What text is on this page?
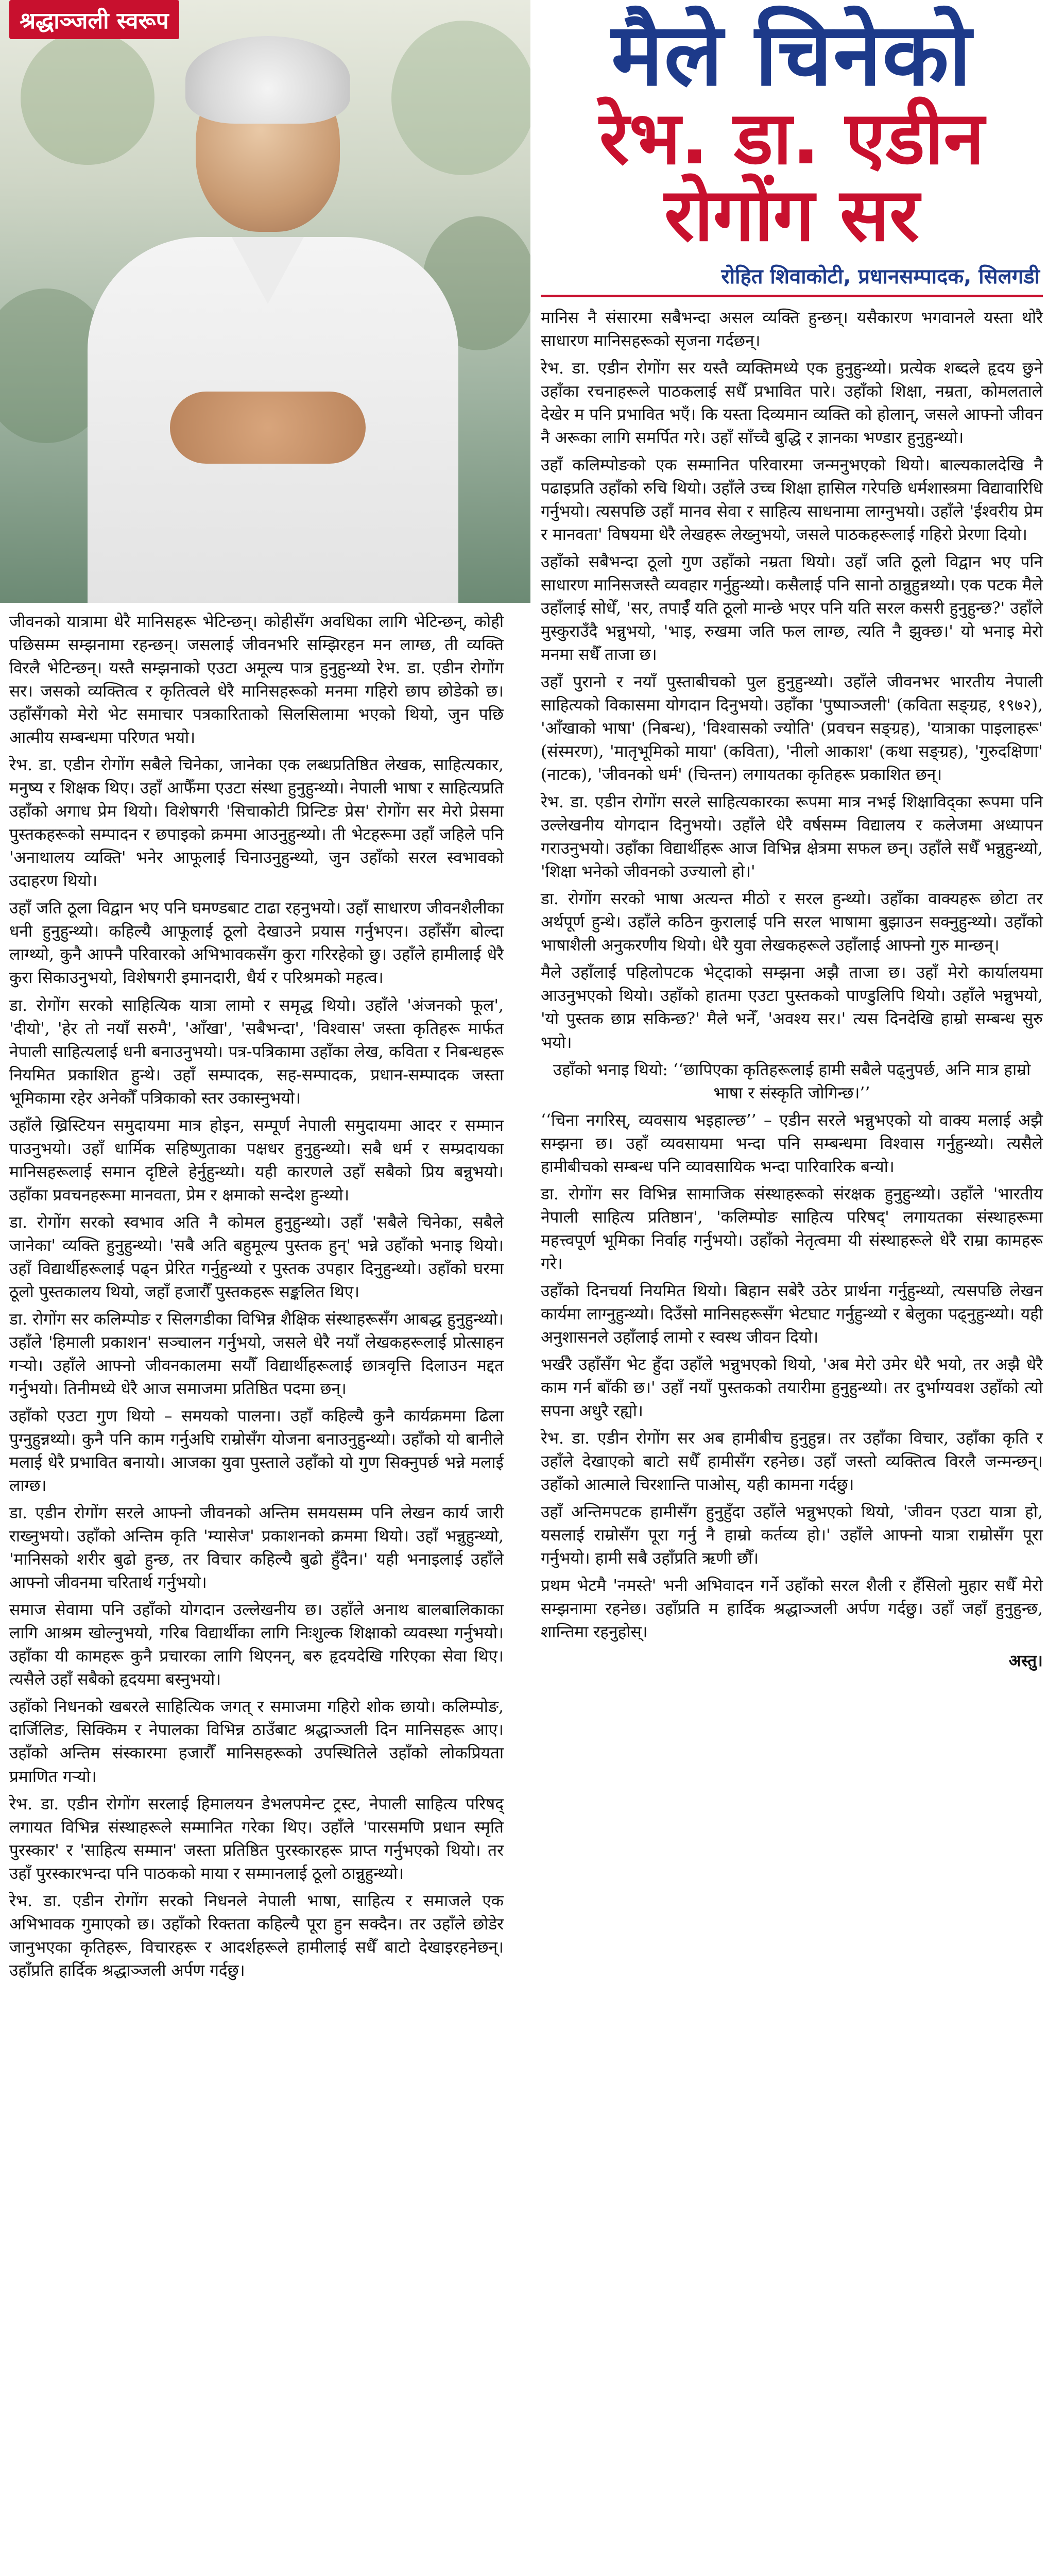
श्रद्धाञ्जली स्वरूप

जीवनको यात्रामा धेरै मानिसहरू भेटिन्छन्। कोहीसँग अवधिका लागि भेटिन्छन्, कोही पछिसम्म सम्झनामा रहन्छन्। जसलाई जीवनभरि सम्झिरहन मन लाग्छ, ती व्यक्ति विरलै भेटिन्छन्। यस्तै सम्झनाको एउटा अमूल्य पात्र हुनुहुन्थ्यो रेभ. डा. एडीन रोगोंग सर। जसको व्यक्तित्व र कृतित्वले धेरै मानिसहरूको मनमा गहिरो छाप छोडेको छ। उहाँसँगको मेरो भेट समाचार पत्रकारिताको सिलसिलामा भएको थियो, जुन पछि आत्मीय सम्बन्धमा परिणत भयो।

रेभ. डा. एडीन रोगोंग सबैले चिनेका, जानेका एक लब्धप्रतिष्ठित लेखक, साहित्यकार, मनुष्य र शिक्षक थिए। उहाँ आफैँमा एउटा संस्था हुनुहुन्थ्यो। नेपाली भाषा र साहित्यप्रति उहाँको अगाध प्रेम थियो। विशेषगरी 'सिचाकोटी प्रिन्टिङ प्रेस' रोगोंग सर मेरो प्रेसमा पुस्तकहरूको सम्पादन र छपाइको क्रममा आउनुहुन्थ्यो। ती भेटहरूमा उहाँ जहिले पनि 'अनाथालय व्यक्ति' भनेर आफूलाई चिनाउनुहुन्थ्यो, जुन उहाँको सरल स्वभावको उदाहरण थियो।

उहाँ जति ठूला विद्वान भए पनि घमण्डबाट टाढा रहनुभयो। उहाँ साधारण जीवनशैलीका धनी हुनुहुन्थ्यो। कहिल्यै आफूलाई ठूलो देखाउने प्रयास गर्नुभएन। उहाँसँग बोल्दा लाग्थ्यो, कुनै आफ्नै परिवारको अभिभावकसँग कुरा गरिरहेको छु। उहाँले हामीलाई धेरै कुरा सिकाउनुभयो, विशेषगरी इमानदारी, धैर्य र परिश्रमको महत्व।

डा. रोगोंग सरको साहित्यिक यात्रा लामो र समृद्ध थियो। उहाँले 'अंजनको फूल', 'दीयो', 'हेर तो नयाँ सरुमै', 'आँखा', 'सबैभन्दा', 'विश्वास' जस्ता कृतिहरू मार्फत नेपाली साहित्यलाई धनी बनाउनुभयो। पत्र-पत्रिकामा उहाँका लेख, कविता र निबन्धहरू नियमित प्रकाशित हुन्थे। उहाँ सम्पादक, सह-सम्पादक, प्रधान-सम्पादक जस्ता भूमिकामा रहेर अनेकौँ पत्रिकाको स्तर उकास्नुभयो।

उहाँले ख्रिस्टियन समुदायमा मात्र होइन, सम्पूर्ण नेपाली समुदायमा आदर र सम्मान पाउनुभयो। उहाँ धार्मिक सहिष्णुताका पक्षधर हुनुहुन्थ्यो। सबै धर्म र सम्प्रदायका मानिसहरूलाई समान दृष्टिले हेर्नुहुन्थ्यो। यही कारणले उहाँ सबैको प्रिय बन्नुभयो। उहाँका प्रवचनहरूमा मानवता, प्रेम र क्षमाको सन्देश हुन्थ्यो।

डा. रोगोंग सरको स्वभाव अति नै कोमल हुनुहुन्थ्यो। उहाँ 'सबैले चिनेका, सबैले जानेका' व्यक्ति हुनुहुन्थ्यो। 'सबै अति बहुमूल्य पुस्तक हुन्' भन्ने उहाँको भनाइ थियो। उहाँ विद्यार्थीहरूलाई पढ्न प्रेरित गर्नुहुन्थ्यो र पुस्तक उपहार दिनुहुन्थ्यो। उहाँको घरमा ठूलो पुस्तकालय थियो, जहाँ हजारौँ पुस्तकहरू सङ्कलित थिए।

डा. रोगोंग सर कलिम्पोङ र सिलगडीका विभिन्न शैक्षिक संस्थाहरूसँग आबद्ध हुनुहुन्थ्यो। उहाँले 'हिमाली प्रकाशन' सञ्चालन गर्नुभयो, जसले धेरै नयाँ लेखकहरूलाई प्रोत्साहन गर्‍यो। उहाँले आफ्नो जीवनकालमा सयौँ विद्यार्थीहरूलाई छात्रवृत्ति दिलाउन मद्दत गर्नुभयो। तिनीमध्ये धेरै आज समाजमा प्रतिष्ठित पदमा छन्।

उहाँको एउटा गुण थियो – समयको पालना। उहाँ कहिल्यै कुनै कार्यक्रममा ढिला पुग्नुहुन्नथ्यो। कुनै पनि काम गर्नुअघि राम्रोसँग योजना बनाउनुहुन्थ्यो। उहाँको यो बानीले मलाई धेरै प्रभावित बनायो। आजका युवा पुस्ताले उहाँको यो गुण सिक्नुपर्छ भन्ने मलाई लाग्छ।

डा. एडीन रोगोंग सरले आफ्नो जीवनको अन्तिम समयसम्म पनि लेखन कार्य जारी राख्नुभयो। उहाँको अन्तिम कृति 'म्यासेज' प्रकाशनको क्रममा थियो। उहाँ भन्नुहुन्थ्यो, 'मानिसको शरीर बुढो हुन्छ, तर विचार कहिल्यै बुढो हुँदैन।' यही भनाइलाई उहाँले आफ्नो जीवनमा चरितार्थ गर्नुभयो।

समाज सेवामा पनि उहाँको योगदान उल्लेखनीय छ। उहाँले अनाथ बालबालिकाका लागि आश्रम खोल्नुभयो, गरिब विद्यार्थीका लागि निःशुल्क शिक्षाको व्यवस्था गर्नुभयो। उहाँका यी कामहरू कुनै प्रचारका लागि थिएनन्, बरु हृदयदेखि गरिएका सेवा थिए। त्यसैले उहाँ सबैको हृदयमा बस्नुभयो।

उहाँको निधनको खबरले साहित्यिक जगत् र समाजमा गहिरो शोक छायो। कलिम्पोङ, दार्जिलिङ, सिक्किम र नेपालका विभिन्न ठाउँबाट श्रद्धाञ्जली दिन मानिसहरू आए। उहाँको अन्तिम संस्कारमा हजारौँ मानिसहरूको उपस्थितिले उहाँको लोकप्रियता प्रमाणित गर्‍यो।

रेभ. डा. एडीन रोगोंग सरलाई हिमालयन डेभलपमेन्ट ट्रस्ट, नेपाली साहित्य परिषद् लगायत विभिन्न संस्थाहरूले सम्मानित गरेका थिए। उहाँले 'पारसमणि प्रधान स्मृति पुरस्कार' र 'साहित्य सम्मान' जस्ता प्रतिष्ठित पुरस्कारहरू प्राप्त गर्नुभएको थियो। तर उहाँ पुरस्कारभन्दा पनि पाठकको माया र सम्मानलाई ठूलो ठान्नुहुन्थ्यो।

रेभ. डा. एडीन रोगोंग सरको निधनले नेपाली भाषा, साहित्य र समाजले एक अभिभावक गुमाएको छ। उहाँको रिक्तता कहिल्यै पूरा हुन सक्दैन। तर उहाँले छोडेर जानुभएका कृतिहरू, विचारहरू र आदर्शहरूले हामीलाई सधैँ बाटो देखाइरहनेछन्। उहाँप्रति हार्दिक श्रद्धाञ्जली अर्पण गर्दछु।

मैले चिनेको
रेभ. डा. एडीन रोगोंग सर
रोहित शिवाकोटी, प्रधानसम्पादक, सिलगडी

मानिस नै संसारमा सबैभन्दा असल व्यक्ति हुन्छन्। यसैकारण भगवानले यस्ता थोरै साधारण मानिसहरूको सृजना गर्दछन्।

रेभ. डा. एडीन रोगोंग सर यस्तै व्यक्तिमध्ये एक हुनुहुन्थ्यो। प्रत्येक शब्दले हृदय छुने उहाँका रचनाहरूले पाठकलाई सधैँ प्रभावित पारे। उहाँको शिक्षा, नम्रता, कोमलताले देखेर म पनि प्रभावित भएँ। कि यस्ता दिव्यमान व्यक्ति को होलान्, जसले आफ्नो जीवन नै अरूका लागि समर्पित गरे। उहाँ साँच्चै बुद्धि र ज्ञानका भण्डार हुनुहुन्थ्यो।

उहाँ कलिम्पोङको एक सम्मानित परिवारमा जन्मनुभएको थियो। बाल्यकालदेखि नै पढाइप्रति उहाँको रुचि थियो। उहाँले उच्च शिक्षा हासिल गरेपछि धर्मशास्त्रमा विद्यावारिधि गर्नुभयो। त्यसपछि उहाँ मानव सेवा र साहित्य साधनामा लाग्नुभयो। उहाँले 'ईश्वरीय प्रेम र मानवता' विषयमा धेरै लेखहरू लेख्नुभयो, जसले पाठकहरूलाई गहिरो प्रेरणा दियो।

उहाँको सबैभन्दा ठूलो गुण उहाँको नम्रता थियो। उहाँ जति ठूलो विद्वान भए पनि साधारण मानिसजस्तै व्यवहार गर्नुहुन्थ्यो। कसैलाई पनि सानो ठान्नुहुन्नथ्यो। एक पटक मैले उहाँलाई सोधेँ, 'सर, तपाईँ यति ठूलो मान्छे भएर पनि यति सरल कसरी हुनुहुन्छ?' उहाँले मुस्कुराउँदै भन्नुभयो, 'भाइ, रुखमा जति फल लाग्छ, त्यति नै झुक्छ।' यो भनाइ मेरो मनमा सधैँ ताजा छ।

उहाँ पुरानो र नयाँ पुस्ताबीचको पुल हुनुहुन्थ्यो। उहाँले जीवनभर भारतीय नेपाली साहित्यको विकासमा योगदान दिनुभयो। उहाँका 'पुष्पाञ्जली' (कविता सङ्ग्रह, १९७२), 'आँखाको भाषा' (निबन्ध), 'विश्वासको ज्योति' (प्रवचन सङ्ग्रह), 'यात्राका पाइलाहरू' (संस्मरण), 'मातृभूमिको माया' (कविता), 'नीलो आकाश' (कथा सङ्ग्रह), 'गुरुदक्षिणा' (नाटक), 'जीवनको धर्म' (चिन्तन) लगायतका कृतिहरू प्रकाशित छन्।

रेभ. डा. एडीन रोगोंग सरले साहित्यकारका रूपमा मात्र नभई शिक्षाविद्का रूपमा पनि उल्लेखनीय योगदान दिनुभयो। उहाँले धेरै वर्षसम्म विद्यालय र कलेजमा अध्यापन गराउनुभयो। उहाँका विद्यार्थीहरू आज विभिन्न क्षेत्रमा सफल छन्। उहाँले सधैँ भन्नुहुन्थ्यो, 'शिक्षा भनेको जीवनको उज्यालो हो।'

डा. रोगोंग सरको भाषा अत्यन्त मीठो र सरल हुन्थ्यो। उहाँका वाक्यहरू छोटा तर अर्थपूर्ण हुन्थे। उहाँले कठिन कुरालाई पनि सरल भाषामा बुझाउन सक्नुहुन्थ्यो। उहाँको भाषाशैली अनुकरणीय थियो। धेरै युवा लेखकहरूले उहाँलाई आफ्नो गुरु मान्छन्।

मैले उहाँलाई पहिलोपटक भेट्दाको सम्झना अझै ताजा छ। उहाँ मेरो कार्यालयमा आउनुभएको थियो। उहाँको हातमा एउटा पुस्तकको पाण्डुलिपि थियो। उहाँले भन्नुभयो, 'यो पुस्तक छाप्न सकिन्छ?' मैले भनेँ, 'अवश्य सर।' त्यस दिनदेखि हाम्रो सम्बन्ध सुरु भयो।

उहाँको भनाइ थियो: ‘‘छापिएका कृतिहरूलाई हामी सबैले पढ्नुपर्छ, अनि मात्र हाम्रो भाषा र संस्कृति जोगिन्छ।’’

‘‘चिना नगरिस्, व्यवसाय भइहाल्छ’’ – एडीन सरले भन्नुभएको यो वाक्य मलाई अझै सम्झना छ। उहाँ व्यवसायमा भन्दा पनि सम्बन्धमा विश्वास गर्नुहुन्थ्यो। त्यसैले हामीबीचको सम्बन्ध पनि व्यावसायिक भन्दा पारिवारिक बन्यो।

डा. रोगोंग सर विभिन्न सामाजिक संस्थाहरूको संरक्षक हुनुहुन्थ्यो। उहाँले 'भारतीय नेपाली साहित्य प्रतिष्ठान', 'कलिम्पोङ साहित्य परिषद्' लगायतका संस्थाहरूमा महत्त्वपूर्ण भूमिका निर्वाह गर्नुभयो। उहाँको नेतृत्वमा यी संस्थाहरूले धेरै राम्रा कामहरू गरे।

उहाँको दिनचर्या नियमित थियो। बिहान सबेरै उठेर प्रार्थना गर्नुहुन्थ्यो, त्यसपछि लेखन कार्यमा लाग्नुहुन्थ्यो। दिउँसो मानिसहरूसँग भेटघाट गर्नुहुन्थ्यो र बेलुका पढ्नुहुन्थ्यो। यही अनुशासनले उहाँलाई लामो र स्वस्थ जीवन दियो।

भर्खरै उहाँसँग भेट हुँदा उहाँले भन्नुभएको थियो, 'अब मेरो उमेर धेरै भयो, तर अझै धेरै काम गर्न बाँकी छ।' उहाँ नयाँ पुस्तकको तयारीमा हुनुहुन्थ्यो। तर दुर्भाग्यवश उहाँको त्यो सपना अधुरै रह्यो।

रेभ. डा. एडीन रोगोंग सर अब हामीबीच हुनुहुन्न। तर उहाँका विचार, उहाँका कृति र उहाँले देखाएको बाटो सधैँ हामीसँग रहनेछ। उहाँ जस्तो व्यक्तित्व विरलै जन्मन्छन्। उहाँको आत्माले चिरशान्ति पाओस्, यही कामना गर्दछु।

उहाँ अन्तिमपटक हामीसँग हुनुहुँदा उहाँले भन्नुभएको थियो, 'जीवन एउटा यात्रा हो, यसलाई राम्रोसँग पूरा गर्नु नै हाम्रो कर्तव्य हो।' उहाँले आफ्नो यात्रा राम्रोसँग पूरा गर्नुभयो। हामी सबै उहाँप्रति ऋणी छौँ।

प्रथम भेटमै 'नमस्ते' भनी अभिवादन गर्ने उहाँको सरल शैली र हँसिलो मुहार सधैँ मेरो सम्झनामा रहनेछ। उहाँप्रति म हार्दिक श्रद्धाञ्जली अर्पण गर्दछु। उहाँ जहाँ हुनुहुन्छ, शान्तिमा रहनुहोस्।

अस्तु।
